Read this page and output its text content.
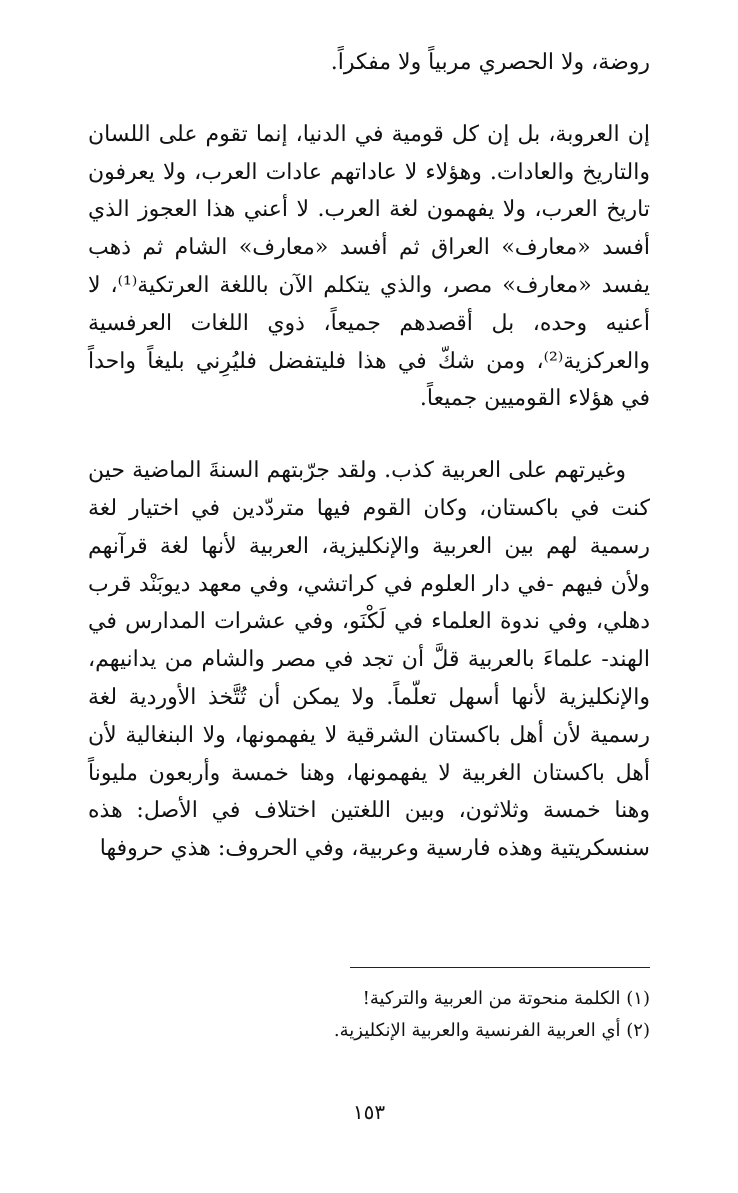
روضة، ولا الحصري مربياً ولا مفكراً.

إن العروبة، بل إن كل قومية في الدنيا، إنما تقوم على اللسان والتاريخ والعادات. وهؤلاء لا عاداتهم عادات العرب، ولا يعرفون تاريخ العرب، ولا يفهمون لغة العرب. لا أعني هذا العجوز الذي أفسد «معارف» العراق ثم أفسد «معارف» الشام ثم ذهب يفسد «معارف» مصر، والذي يتكلم الآن باللغة العرتكية⁽¹⁾، لا أعنيه وحده، بل أقصدهم جميعاً، ذوي اللغات العرفسية والعركزية⁽²⁾، ومن شكّ في هذا فليتفضل فليُرِني بليغاً واحداً في هؤلاء القوميين جميعاً.

وغيرتهم على العربية كذب. ولقد جرّبتهم السنةَ الماضية حين كنت في باكستان، وكان القوم فيها متردّدين في اختيار لغة رسمية لهم بين العربية والإنكليزية، العربية لأنها لغة قرآنهم ولأن فيهم -في دار العلوم في كراتشي، وفي معهد ديوبَنْد قرب دهلي، وفي ندوة العلماء في لَكْنَو، وفي عشرات المدارس في الهند- علماءَ بالعربية قلَّ أن تجد في مصر والشام من يدانيهم، والإنكليزية لأنها أسهل تعلّماً. ولا يمكن أن تُتَّخذ الأوردية لغة رسمية لأن أهل باكستان الشرقية لا يفهمونها، ولا البنغالية لأن أهل باكستان الغربية لا يفهمونها، وهنا خمسة وأربعون مليوناً وهنا خمسة وثلاثون، وبين اللغتين اختلاف في الأصل: هذه سنسكريتية وهذه فارسية وعربية، وفي الحروف: هذي حروفها

(١) الكلمة منحوتة من العربية والتركية!

(٢) أي العربية الفرنسية والعربية الإنكليزية.

١٥٣
